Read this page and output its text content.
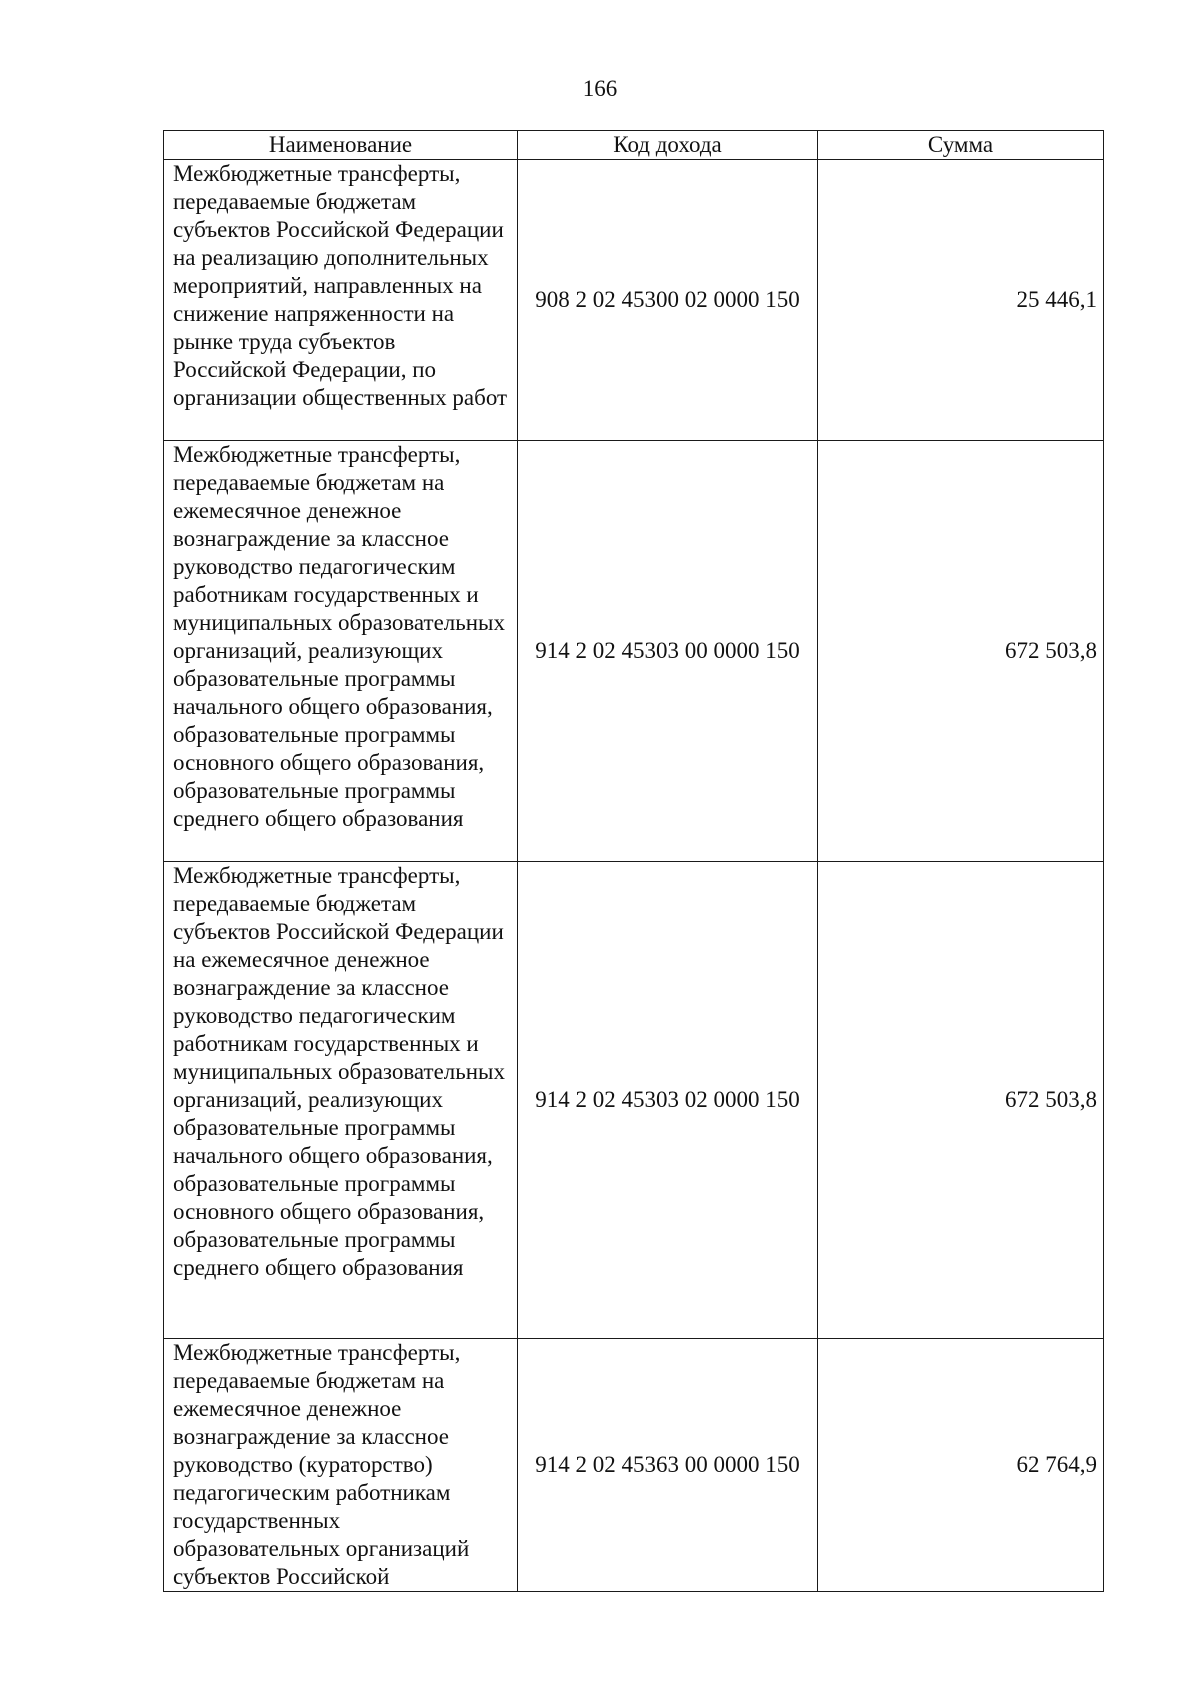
166
Наименование	Код дохода	Сумма
Межбюджетные трансферты, передаваемые бюджетам субъектов Российской Федерации на реализацию дополнительных мероприятий, направленных на снижение напряженности на рынке труда субъектов Российской Федерации, по организации общественных работ	908 2 02 45300 02 0000 150	25 446,1
Межбюджетные трансферты, передаваемые бюджетам на ежемесячное денежное вознаграждение за классное руководство педагогическим работникам государственных и муниципальных образовательных организаций, реализующих образовательные программы начального общего образования, образовательные программы основного общего образования, образовательные программы среднего общего образования	914 2 02 45303 00 0000 150	672 503,8
Межбюджетные трансферты, передаваемые бюджетам субъектов Российской Федерации на ежемесячное денежное вознаграждение за классное руководство педагогическим работникам государственных и муниципальных образовательных организаций, реализующих образовательные программы начального общего образования, образовательные программы основного общего образования, образовательные программы среднего общего образования	914 2 02 45303 02 0000 150	672 503,8
Межбюджетные трансферты, передаваемые бюджетам на ежемесячное денежное вознаграждение за классное руководство (кураторство) педагогическим работникам государственных образовательных организаций субъектов Российской	914 2 02 45363 00 0000 150	62 764,9
